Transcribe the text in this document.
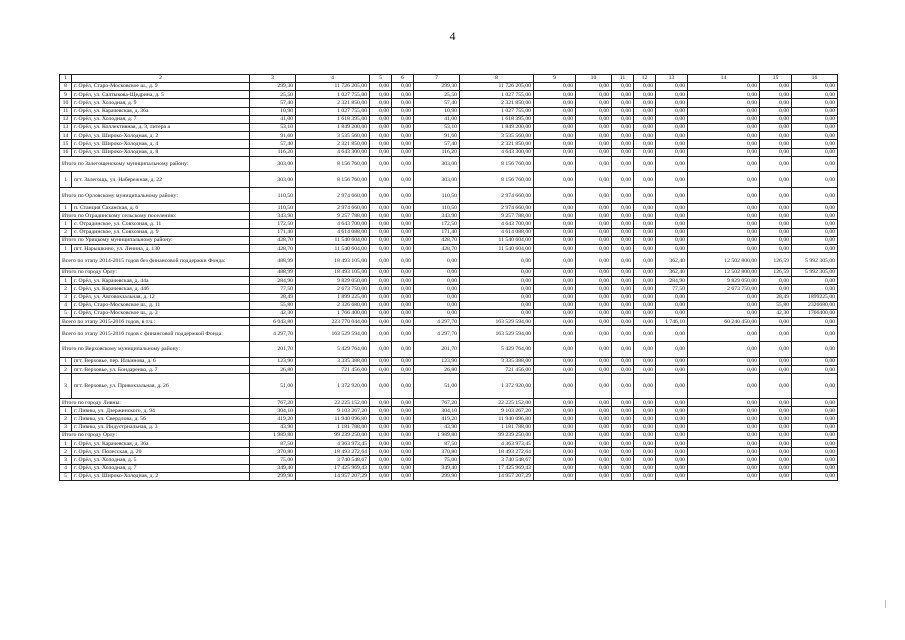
4
1	2	3	4	5	6	7	8	9	10	11	12	13	14	15	16
8	г. Орёл, Старо-Московское ш., д. 9	299,30	11 726 205,00	0,00	0,00	299,30	11 726 205,00	0,00	0,00	0,00	0,00	0,00	0,00	0,00	0,00
9	г. Орёл, ул. Салтыкова-Щедрина, д. 5	25,50	1 027 755,00	0,00	0,00	25,50	1 027 755,00	0,00	0,00	0,00	0,00	0,00	0,00	0,00	0,00
10	г. Орёл, ул. Холодная, д. 9	57,40	2 321 850,00	0,00	0,00	57,40	2 321 850,00	0,00	0,00	0,00	0,00	0,00	0,00	0,00	0,00
11	г. Орёл, ул. Карачевская, д. 36а	10,90	1 027 755,00	0,00	0,00	10,90	1 027 755,00	0,00	0,00	0,00	0,00	0,00	0,00	0,00	0,00
12	г. Орёл, ул. Холодная, д. 7	41,00	1 618 395,00	0,00	0,00	41,00	1 618 395,00	0,00	0,00	0,00	0,00	0,00	0,00	0,00	0,00
13	г. Орёл, ул. Коллективная, д. 3, литера а	53,10	1 849 200,00	0,00	0,00	53,10	1 849 200,00	0,00	0,00	0,00	0,00	0,00	0,00	0,00	0,00
14	г. Орёл, ул. Широко-Холодная, д. 2	91,60	3 535 560,00	0,00	0,00	91,60	3 535 560,00	0,00	0,00	0,00	0,00	0,00	0,00	0,00	0,00
15	г. Орёл, ул. Широко-Холодная, д. 4	57,40	2 321 850,00	0,00	0,00	57,40	2 321 850,00	0,00	0,00	0,00	0,00	0,00	0,00	0,00	0,00
16	г. Орёл, ул. Широко-Холодная, д. 8	116,20	4 643 300,00	0,00	0,00	116,20	4 643 300,00	0,00	0,00	0,00	0,00	0,00	0,00	0,00	0,00
Итого по Залегощенскому муниципальному району:		303,00	8 156 760,00	0,00	0,00	303,00	8 156 760,00	0,00	0,00	0,00	0,00	0,00	0,00	0,00	0,00
1	пгт. Залегощь, ул. Набережная, д. 22	303,00	8 156 760,00	0,00	0,00	303,00	8 156 760,00	0,00	0,00	0,00	0,00	0,00	0,00	0,00	0,00
Итого по Орловскому муниципальному району:		110,50	2 974 660,00	0,00	0,00	110,50	2 974 660,00	0,00	0,00	0,00	0,00	0,00	0,00	0,00	0,00
1	п. Станция Саханская, д. 6	110,50	2 974 660,00	0,00	0,00	110,50	2 974 660,00	0,00	0,00	0,00	0,00	0,00	0,00	0,00	0,00
Итого по Отрадинскому сельскому поселению:		343,90	9 257 788,00	0,00	0,00	343,90	9 257 788,00	0,00	0,00	0,00	0,00	0,00	0,00	0,00	0,00
1	с. Отрадинское, ул. Совхозная, д. 11	172,50	4 643 700,00	0,00	0,00	172,50	4 643 700,00	0,00	0,00	0,00	0,00	0,00	0,00	0,00	0,00
2	с. Отрадинское, ул. Совхозная, д. 9	171,40	4 614 088,00	0,00	0,00	171,40	4 614 088,00	0,00	0,00	0,00	0,00	0,00	0,00	0,00	0,00
Итого по Урицкому муниципальному району:		428,70	11 540 604,00	0,00	0,00	428,70	11 540 604,00	0,00	0,00	0,00	0,00	0,00	0,00	0,00	0,00
1	пгт. Нарышкино, ул. Ленина, д. 130	428,70	11 540 604,00	0,00	0,00	428,70	11 540 604,00	0,00	0,00	0,00	0,00	0,00	0,00	0,00	0,00
Всего по этапу 2014-2015 годов без финансовой поддержки Фонда:		488,99	18 493 105,00	0,00	0,00	0,00	0,00	0,00	0,00	0,00	0,00	362,40	12 502 800,00	126,59	5 992 305,00
Итого по городу Орлу:		488,99	18 493 105,00	0,00	0,00	0,00	0,00	0,00	0,00	0,00	0,00	362,40	12 502 800,00	126,59	5 992 305,00
1	г. Орёл, ул. Карачевская, д. 44а	284,90	9 829 050,00	0,00	0,00	0,00	0,00	0,00	0,00	0,00	0,00	284,90	9 829 050,00	0,00	0,00
2	г. Орёл, ул. Карачевская, д. 44б	77,50	2 673 750,00	0,00	0,00	0,00	0,00	0,00	0,00	0,00	0,00	77,50	2 673 750,00	0,00	0,00
3	г. Орёл, ул. Автовокзальная, д. 12	28,49	1 899 225,00	0,00	0,00	0,00	0,00	0,00	0,00	0,00	0,00	0,00	0,00	28,49	1899225,00
4	г. Орёл, Старо-Московское ш., д. 11	55,80	2 326 680,00	0,00	0,00	0,00	0,00	0,00	0,00	0,00	0,00	0,00	0,00	55,80	2326680,00
5	г. Орёл, Старо-Московское ш., д. 3	42,30	1 766 400,00	0,00	0,00	0,00	0,00	0,00	0,00	0,00	0,00	0,00	0,00	42,30	1766400,00
Всего по этапу 2015-2016 годов, в т.ч.:		6 043,80	223 770 044,00	0,00	0,00	4 297,70	163 529 594,00	0,00	0,00	0,00	0,00	1 746,10	60 240 450,00	0,00	0,00
Всего по этапу 2015-2016 годов с финансовой поддержкой Фонда:		4 297,70	163 529 594,00	0,00	0,00	4 297,70	163 529 594,00	0,00	0,00	0,00	0,00	0,00	0,00	0,00	0,00
Итого по Верховскому муниципальному району:		201,70	5 429 764,00	0,00	0,00	201,70	5 429 764,00	0,00	0,00	0,00	0,00	0,00	0,00	0,00	0,00
1	пгт. Верховье, пер. Ильинова, д. 6	123,90	3 335 388,00	0,00	0,00	123,90	3 335 388,00	0,00	0,00	0,00	0,00	0,00	0,00	0,00	0,00
2	пгт. Верховье, ул. Бондаренко, д. 7	26,80	721 456,00	0,00	0,00	26,80	721 456,00	0,00	0,00	0,00	0,00	0,00	0,00	0,00	0,00
3	пгт. Верховье, ул. Привокзальная, д. 26	51,00	1 372 920,00	0,00	0,00	51,00	1 372 920,00	0,00	0,00	0,00	0,00	0,00	0,00	0,00	0,00
Итого по городу Ливны:		767,20	22 225 152,00	0,00	0,00	767,20	22 225 152,00	0,00	0,00	0,00	0,00	0,00	0,00	0,00	0,00
1	г. Ливны, ул. Дзержинского, д. 94	304,10	9 103 267,20	0,00	0,00	304,10	9 103 267,20	0,00	0,00	0,00	0,00	0,00	0,00	0,00	0,00
2	г. Ливны, ул. Свердлова, д. 56	419,20	11 940 096,80	0,00	0,00	419,20	11 940 096,80	0,00	0,00	0,00	0,00	0,00	0,00	0,00	0,00
3	г. Ливны, ул. Индустриальная, д. 3	43,90	1 181 788,00	0,00	0,00	43,90	1 181 788,00	0,00	0,00	0,00	0,00	0,00	0,00	0,00	0,00
Итого по городу Орлу:		1 989,80	99 239 250,00	0,00	0,00	1 989,80	99 239 250,00	0,00	0,00	0,00	0,00	0,00	0,00	0,00	0,00
1	г. Орёл, ул. Карачевская, д. 36а	87,50	4 363 973,45	0,00	0,00	87,50	4 363 973,45	0,00	0,00	0,00	0,00	0,00	0,00	0,00	0,00
2	г. Орёл, ул. Полесская, д. 20	370,80	18 493 272,64	0,00	0,00	370,80	18 493 272,64	0,00	0,00	0,00	0,00	0,00	0,00	0,00	0,00
3	г. Орёл, ул. Холодная, д. 5	75,00	3 740 548,67	0,00	0,00	75,00	3 740 548,67	0,00	0,00	0,00	0,00	0,00	0,00	0,00	0,00
4	г. Орёл, ул. Холодная, д. 7	349,40	17 425 969,43	0,00	0,00	349,40	17 425 969,43	0,00	0,00	0,00	0,00	0,00	0,00	0,00	0,00
5	г. Орёл, ул. Широко-Холодная, д. 2	299,90	14 957 207,29	0,00	0,00	299,90	14 957 207,29	0,00	0,00	0,00	0,00	0,00	0,00	0,00	0,00
